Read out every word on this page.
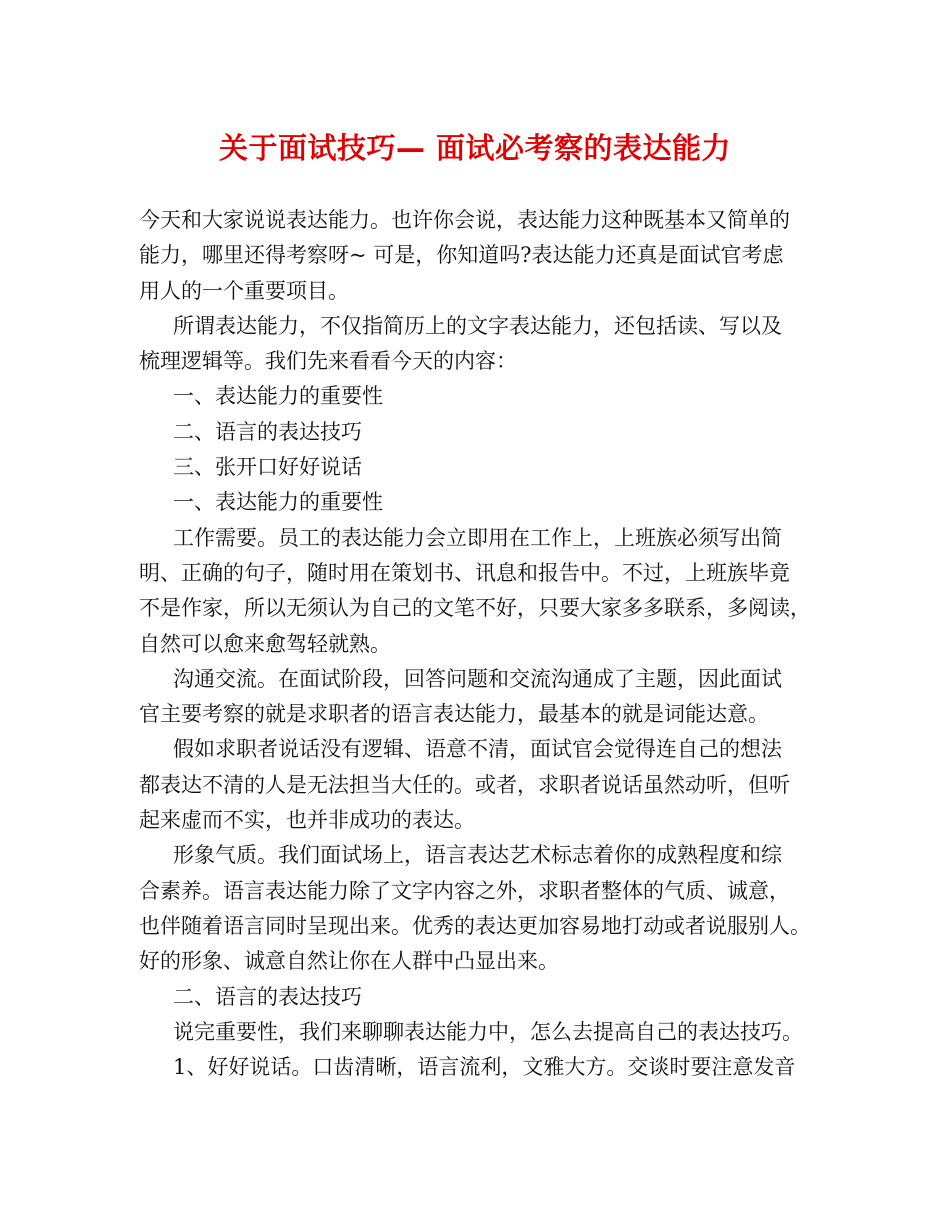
关于面试技巧— 面试必考察的表达能力
今天和大家说说表达能力。也许你会说，表达能力这种既基本又简单的
能力，哪里还得考察呀~ 可是，你知道吗?表达能力还真是面试官考虑
用人的一个重要项目。
所谓表达能力，不仅指简历上的文字表达能力，还包括读、写以及
梳理逻辑等。我们先来看看今天的内容：
一、表达能力的重要性
二、语言的表达技巧
三、张开口好好说话
一、表达能力的重要性
工作需要。员工的表达能力会立即用在工作上，上班族必须写出简
明、正确的句子，随时用在策划书、讯息和报告中。不过，上班族毕竟
不是作家，所以无须认为自己的文笔不好，只要大家多多联系，多阅读，
自然可以愈来愈驾轻就熟。
沟通交流。在面试阶段，回答问题和交流沟通成了主题，因此面试
官主要考察的就是求职者的语言表达能力，最基本的就是词能达意。
假如求职者说话没有逻辑、语意不清，面试官会觉得连自己的想法
都表达不清的人是无法担当大任的。或者，求职者说话虽然动听，但听
起来虚而不实，也并非成功的表达。
形象气质。我们面试场上，语言表达艺术标志着你的成熟程度和综
合素养。语言表达能力除了文字内容之外，求职者整体的气质、诚意，
也伴随着语言同时呈现出来。优秀的表达更加容易地打动或者说服别人。
好的形象、诚意自然让你在人群中凸显出来。
二、语言的表达技巧
说完重要性，我们来聊聊表达能力中，怎么去提高自己的表达技巧。
1、好好说话。口齿清晰，语言流利，文雅大方。交谈时要注意发音
